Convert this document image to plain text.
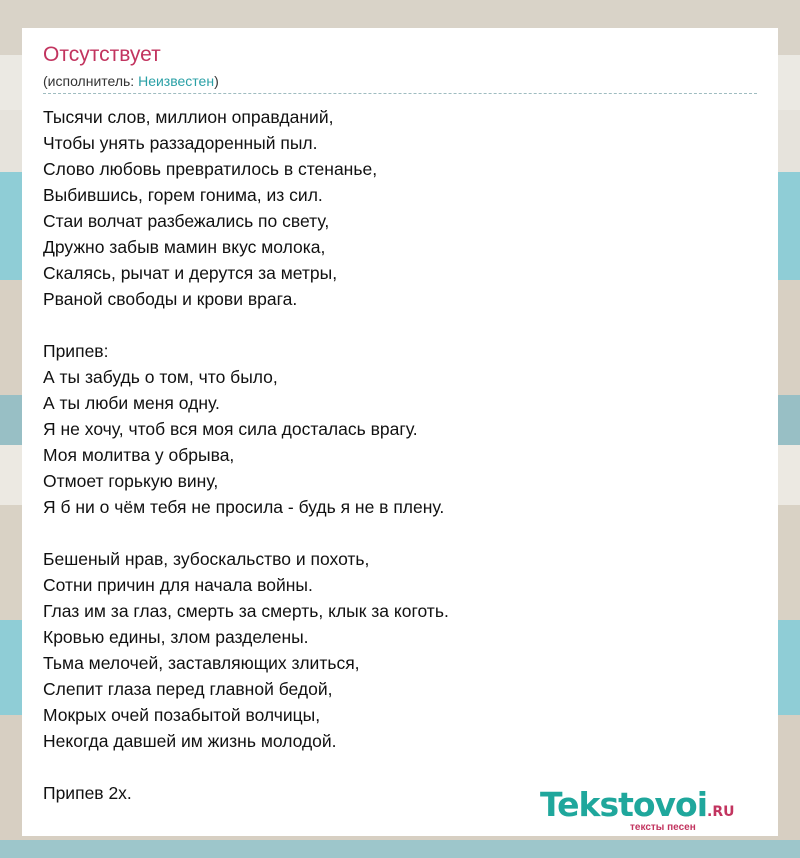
Отсутствует
(исполнитель: Неизвестен)
Тысячи слов, миллион оправданий,
Чтобы унять раззадоренный пыл.
Слово любовь превратилось в стенанье,
Выбившись, горем гонима, из сил.
Стаи волчат разбежались по свету,
Дружно забыв мамин вкус молока,
Скалясь, рычат и дерутся за метры,
Рваной свободы и крови врага.
Припев:
А ты забудь о том, что было,
А ты люби меня одну.
Я не хочу, чтоб вся моя сила досталась врагу.
Моя молитва у обрыва,
Отмоет горькую вину,
Я б ни о чём тебя не просила - будь я не в плену.
Бешеный нрав, зубоскальство и похоть,
Сотни причин для начала войны.
Глаз им за глаз, смерть за смерть, клык за коготь.
Кровью едины, злом разделены.
Тьма мелочей, заставляющих злиться,
Слепит глаза перед главной бедой,
Мокрых очей позабытой волчицы,
Некогда давшей им жизнь молодой.
Припев 2x.	Tekstovoi.RU
тексты песен
